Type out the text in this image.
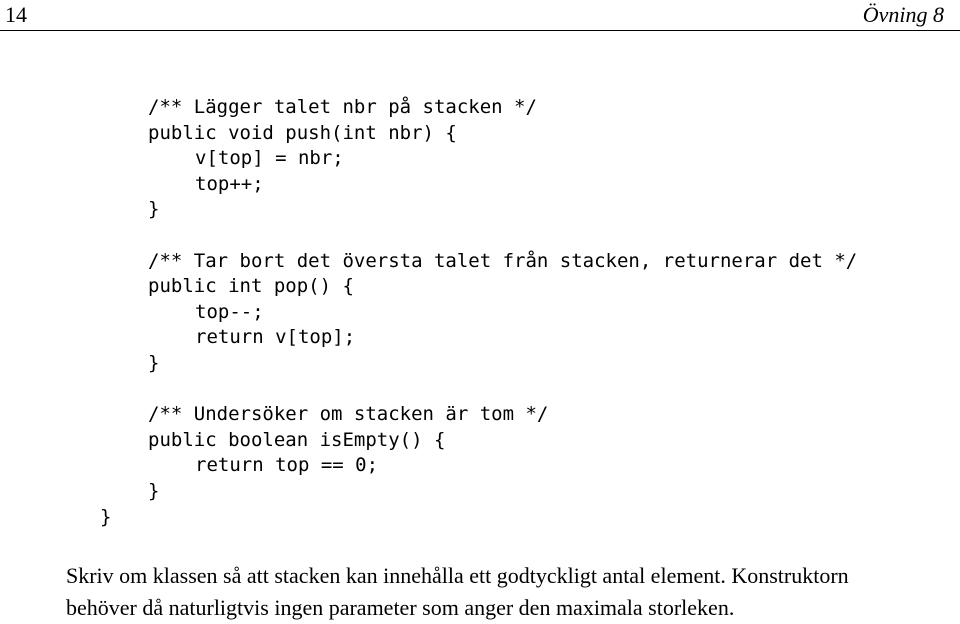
14	Övning 8
/** Lägger talet nbr på stacken */
public void push(int nbr) {
v[top] = nbr;
top++;
}
/** Tar bort det översta talet från stacken, returnerar det */
public int pop() {
top--;
return v[top];
}
/** Undersöker om stacken är tom */
public boolean isEmpty() {
return top == 0;
}
}
Skriv om klassen så att stacken kan innehålla ett godtyckligt antal element. Konstruktorn
behöver då naturligtvis ingen parameter som anger den maximala storleken.
